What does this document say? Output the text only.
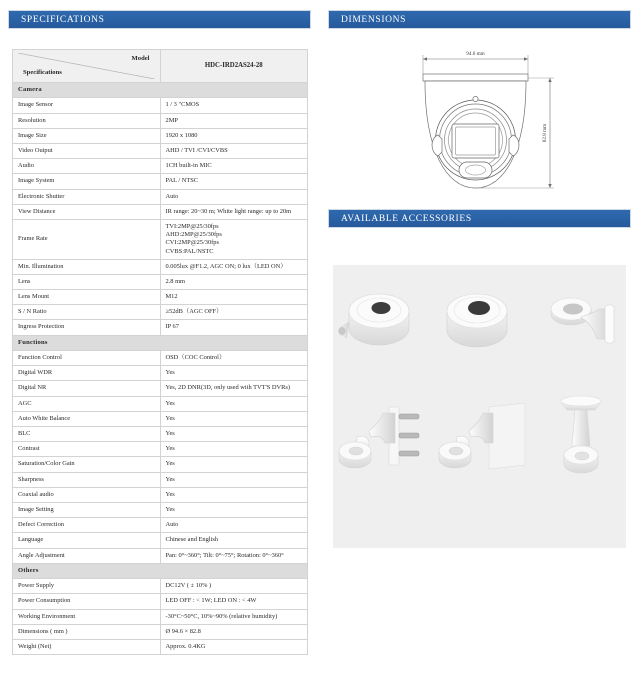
SPECIFICATIONS	DIMENSIONS
AVAILABLE ACCESSORIES
Model
Specifications	HDC-IRD2AS24-28
Camera	
Image Sensor	1 / 3 "CMOS
Resolution	2MP
Image Size	1920 x 1080
Video Output	AHD / TVI /CVI/CVBS
Audio	1CH built-in MIC
Image System	PAL / NTSC
Electronic Shutter	Auto
View Distance	IR range: 20~30 m; White light range: up to 20m
Frame Rate	TVI:2MP@25/30fps
AHD:2MP@25/30fps
CVI:2MP@25/30fps
CVBS:PAL/NSTC
Min. Illumination	0.005lux @F1.2, AGC ON; 0 lux（LED ON）
Lens	2.8 mm
Lens Mount	M12
S / N Ratio	≥52dB（AGC OFF）
Ingress Protection	IP 67
Functions	
Function Control	OSD（COC Control）
Digital WDR	Yes
Digital NR	Yes, 2D DNR(3D, only used with TVT'S DVRs)
AGC	Yes
Auto White Balance	Yes
BLC	Yes
Contrast	Yes
Saturation/Color Gain	Yes
Sharpness	Yes
Coaxial audio	Yes
Image Setting	Yes
Defect Correction	Auto
Language	Chinese and English
Angle Adjustment	Pan: 0°~360°; Tilt: 0°~75°; Rotation: 0°~360°
Others	
Power Supply	DC12V ( ± 10% )
Power Consumption	LED OFF : < 1W; LED ON : < 4W
Working Environment	-30°C~50°C, 10%~90% (relative humidity)
Dimensions ( mm )	Ø 94.6 × 82.8
Weight (Net)	Approx. 0.4KG
94.6 mm
82.8 mm
